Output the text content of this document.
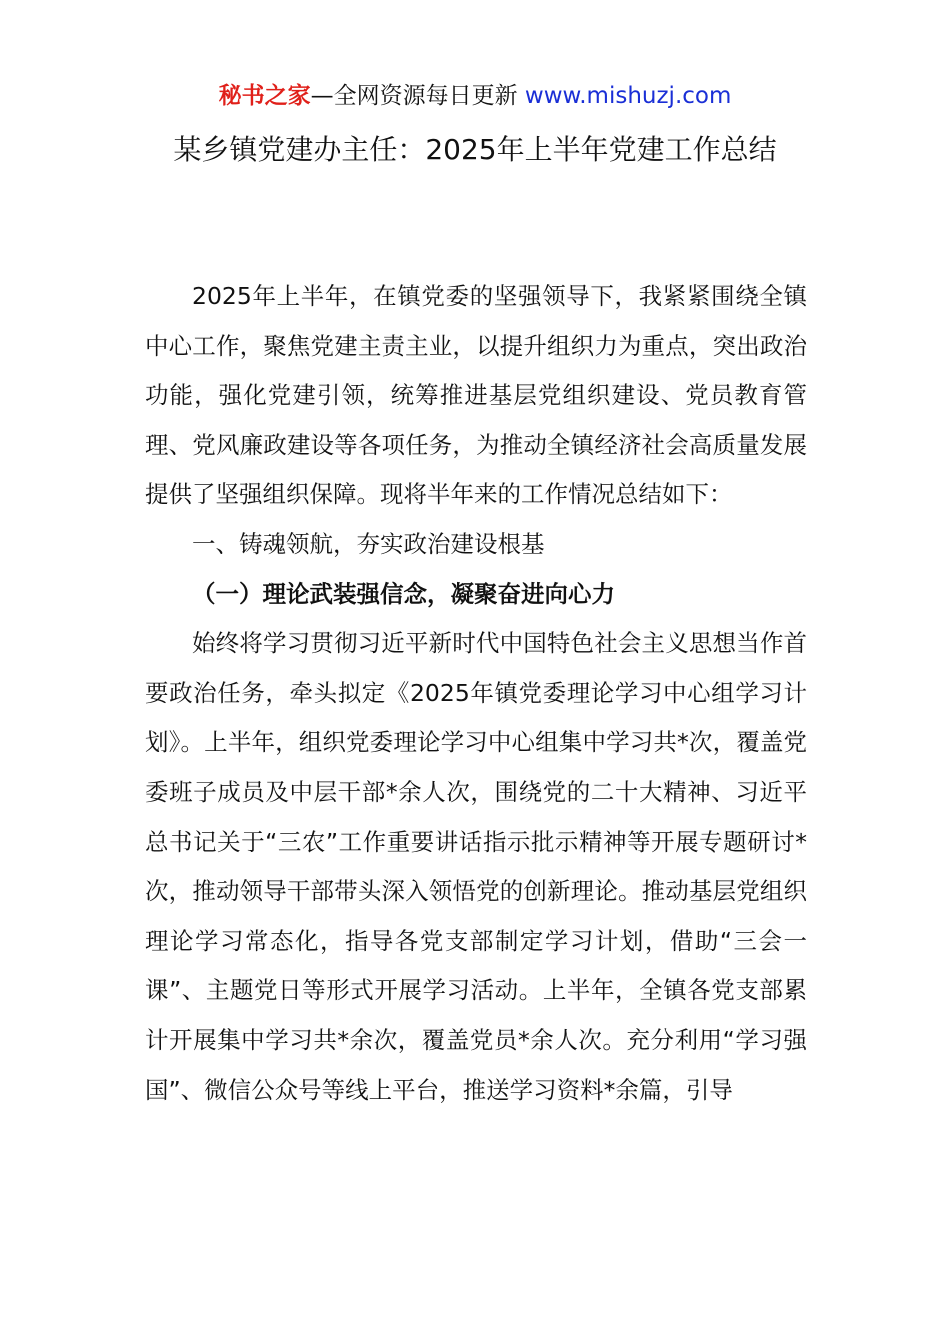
秘书之家—全网资源每日更新 www.mishuzj.com
某乡镇党建办主任：2025年上半年党建工作总结

2025年上半年，在镇党委的坚强领导下，我紧紧围绕全镇中心工作，聚焦党建主责主业，以提升组织力为重点，突出政治功能，强化党建引领，统筹推进基层党组织建设、党员教育管理、党风廉政建设等各项任务，为推动全镇经济社会高质量发展提供了坚强组织保障。现将半年来的工作情况总结如下：

一、铸魂领航，夯实政治建设根基
（一）理论武装强信念，凝聚奋进向心力

始终将学习贯彻习近平新时代中国特色社会主义思想当作首要政治任务，牵头拟定《2025年镇党委理论学习中心组学习计划》。上半年，组织党委理论学习中心组集中学习共*次，覆盖党委班子成员及中层干部*余人次，围绕党的二十大精神、习近平总书记关于“三农”工作重要讲话指示批示精神等开展专题研讨*次，推动领导干部带头深入领悟党的创新理论。推动基层党组织理论学习常态化，指导各党支部制定学习计划，借助“三会一课”、主题党日等形式开展学习活动。上半年，全镇各党支部累计开展集中学习共*余次，覆盖党员*余人次。充分利用“学习强国”、微信公众号等线上平台，推送学习资料*余篇，引导
